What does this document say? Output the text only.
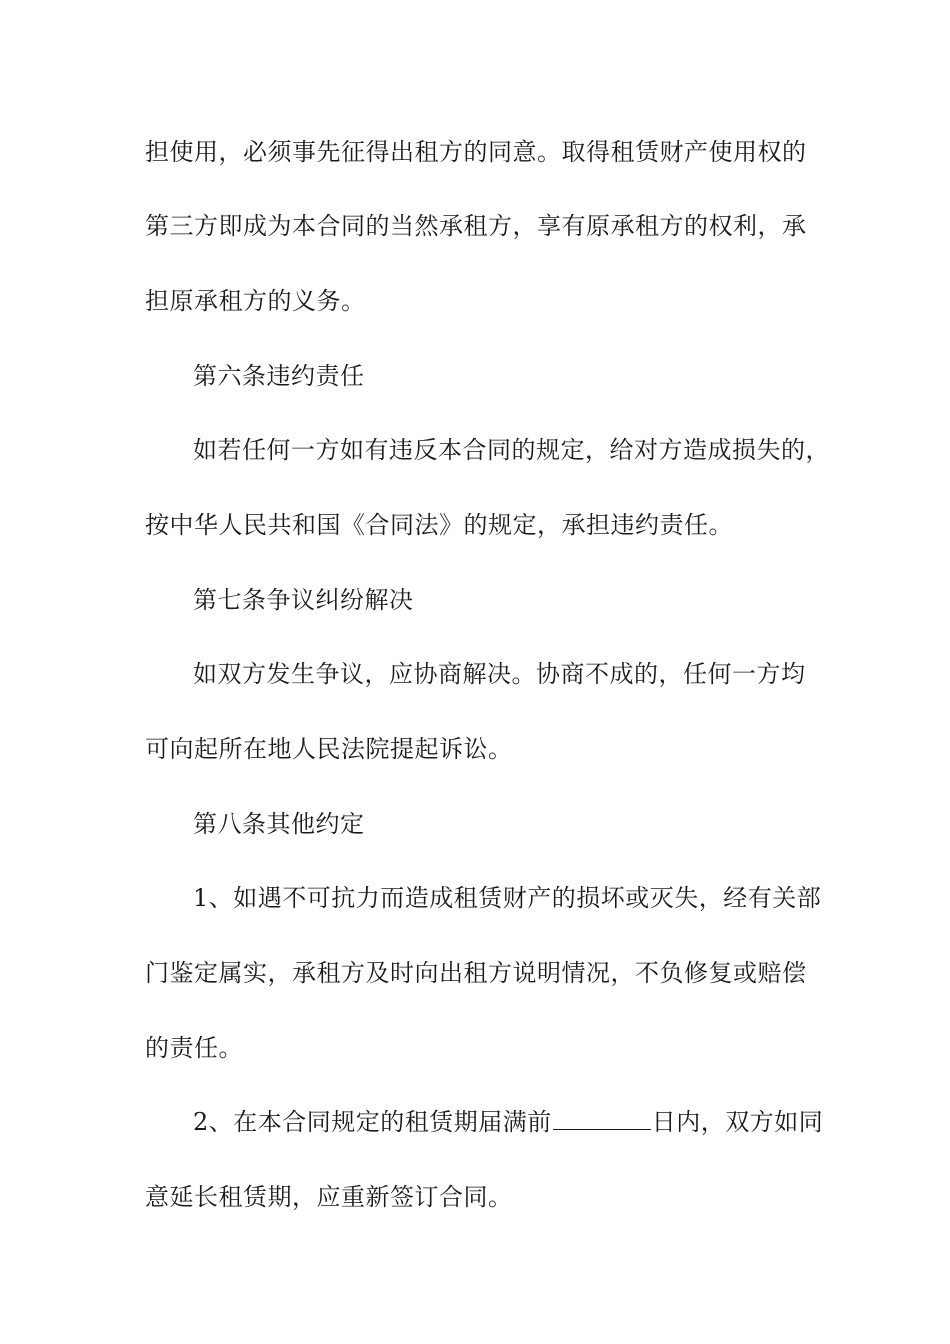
担使用，必须事先征得出租方的同意。取得租赁财产使用权的
第三方即成为本合同的当然承租方，享有原承租方的权利，承
担原承租方的义务。
第六条违约责任
如若任何一方如有违反本合同的规定，给对方造成损失的，
按中华人民共和国《合同法》的规定，承担违约责任。
第七条争议纠纷解决
如双方发生争议，应协商解决。协商不成的，任何一方均
可向起所在地人民法院提起诉讼。
第八条其他约定
1、如遇不可抗力而造成租赁财产的损坏或灭失，经有关部
门鉴定属实，承租方及时向出租方说明情况，不负修复或赔偿
的责任。
2、在本合同规定的租赁期届满前	日内，双方如同
意延长租赁期，应重新签订合同。
